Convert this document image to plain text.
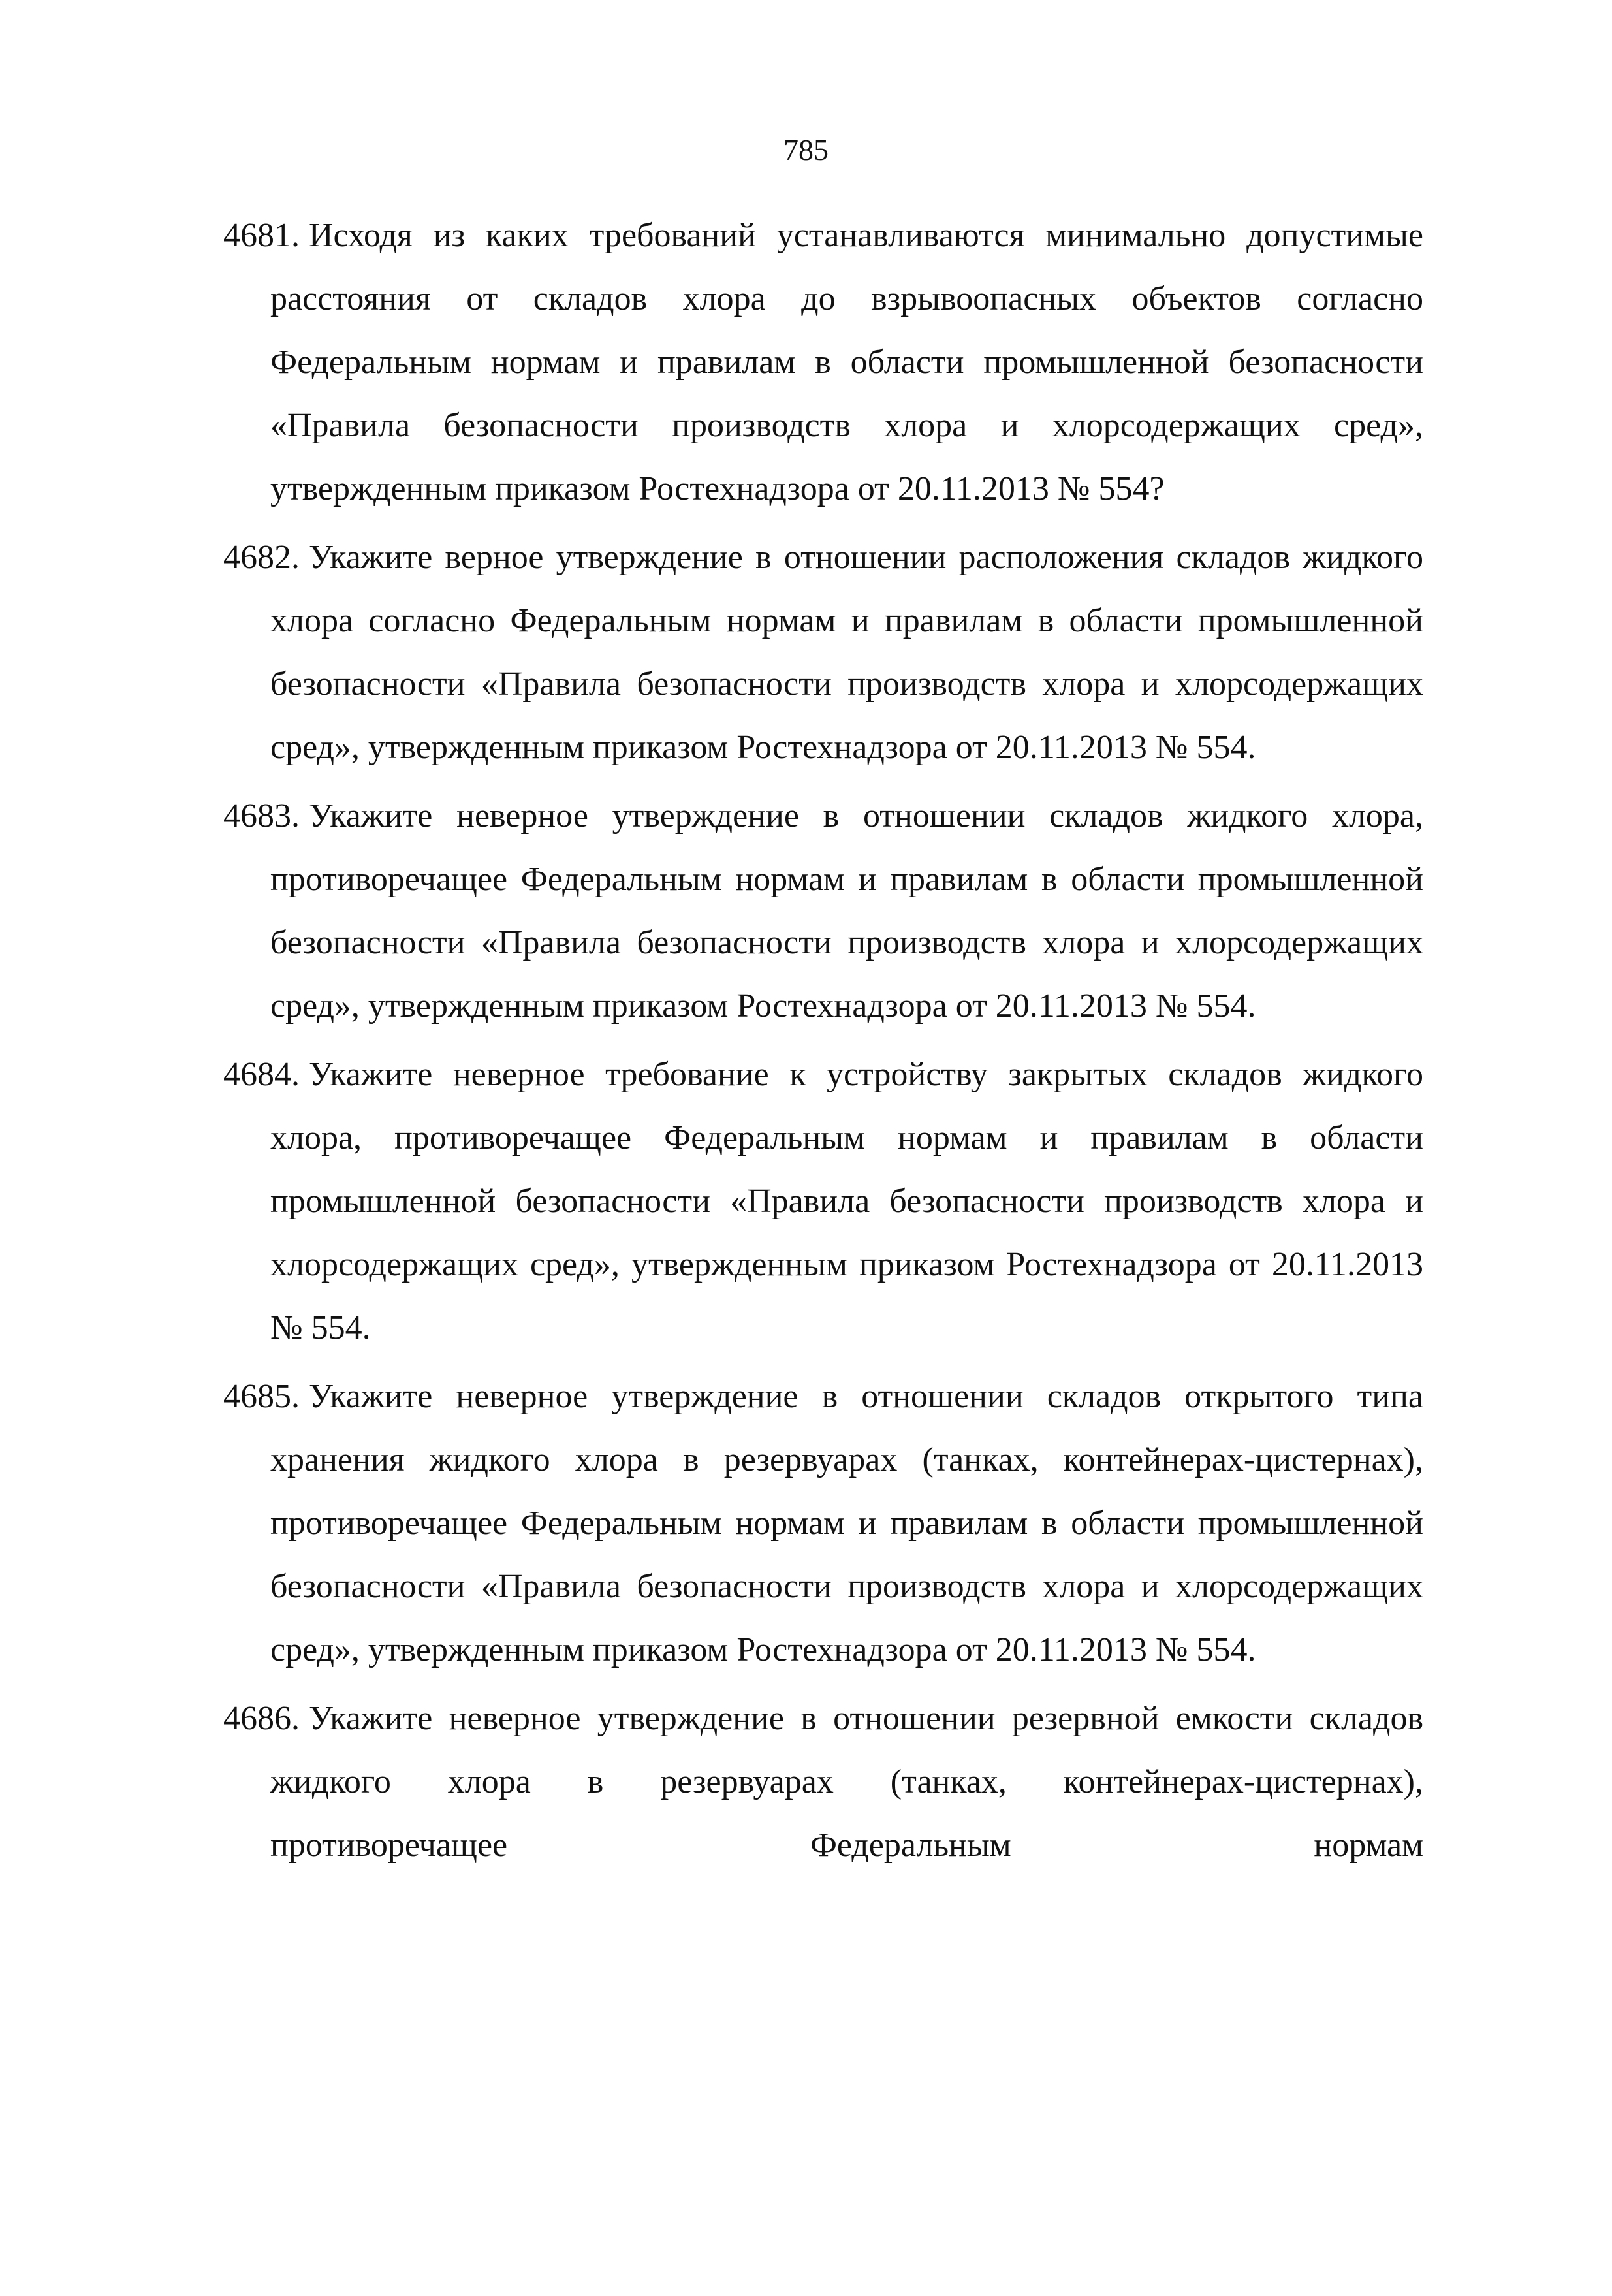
785
4681. Исходя из каких требований устанавливаются минимально допустимые расстояния от складов хлора до взрывоопасных объектов согласно Федеральным нормам и правилам в области промышленной безопасности «Правила безопасности производств хлора и хлорсодержащих сред», утвержденным приказом Ростехнадзора от 20.11.2013 № 554?
4682. Укажите верное утверждение в отношении расположения складов жидкого хлора согласно Федеральным нормам и правилам в области промышленной безопасности «Правила безопасности производств хлора и хлорсодержащих сред», утвержденным приказом Ростехнадзора от 20.11.2013 № 554.
4683. Укажите неверное утверждение в отношении складов жидкого хлора, противоречащее Федеральным нормам и правилам в области промышленной безопасности «Правила безопасности производств хлора и хлорсодержащих сред», утвержденным приказом Ростехнадзора от 20.11.2013 № 554.
4684. Укажите неверное требование к устройству закрытых складов жидкого хлора, противоречащее Федеральным нормам и правилам в области промышленной безопасности «Правила безопасности производств хлора и хлорсодержащих сред», утвержденным приказом Ростехнадзора от 20.11.2013 № 554.
4685. Укажите неверное утверждение в отношении складов открытого типа хранения жидкого хлора в резервуарах (танках, контейнерах-цистернах), противоречащее Федеральным нормам и правилам в области промышленной безопасности «Правила безопасности производств хлора и хлорсодержащих сред», утвержденным приказом Ростехнадзора от 20.11.2013 № 554.
4686. Укажите неверное утверждение в отношении резервной емкости складов жидкого хлора в резервуарах (танках, контейнерах-цистернах), противоречащее Федеральным нормам
